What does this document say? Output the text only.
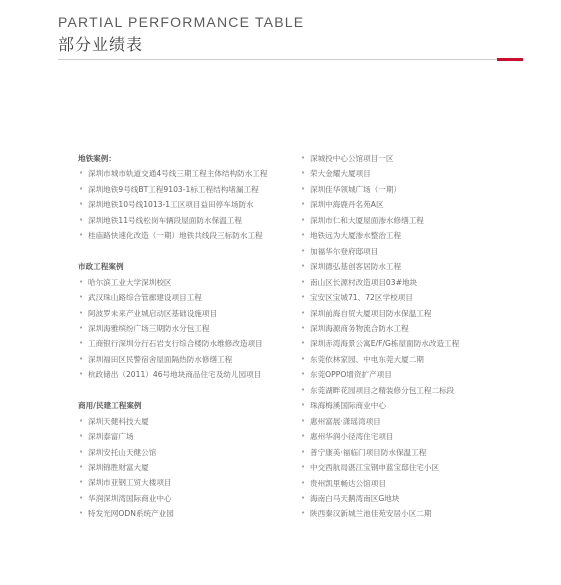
PARTIAL PERFORMANCE TABLE
部分业绩表
地铁案例：
• 深圳市城市轨道交通4号线三期工程主体结构防水工程
• 深圳地铁9号线BT工程9103-1标工程结构堵漏工程
• 深圳地铁10号线1013-1工区项目益田停车场防水
• 深圳地铁11号线松岗车辆段屋面防水保温工程
• 桂庙路快速化改造（一期）地铁共线段三标防水工程
市政工程案例
• 哈尔滨工业大学深圳校区
• 武汉珠山路综合管廊建设项目工程
• 阿波罗未来产业城启动区基础设施项目
• 深圳海雅缤纷广场三期防水分包工程
• 工商银行深圳分行石岩支行综合楼防水维修改造项目
• 深圳福田区民警宿舍屋面隔热防水修缮工程
• 杭政储出（2011）46号地块商品住宅及幼儿园项目
商用/民建工程案例
• 深圳天健科技大厦
• 深圳泰富广场
• 深圳安托山天健公馆
• 深圳锦胜财富大厦
• 深圳市亚钢工贸大楼项目
• 华润深圳湾国际商业中心
• 特发光网ODN系统产业园
• 深城投中心公馆项目一区
• 荣大金耀大厦项目
• 深圳佳华领城广场（一期）
• 深圳中海鹿丹名苑A区
• 深圳市仁和大厦屋面渗水修缮工程
• 地铁远为大厦渗水整治工程
• 加福华尔登府邸项目
• 深圳德弘基创客居防水工程
• 南山区长源村改造项目03#地块
• 宝安区宝城71、72区学校项目
• 深圳前海自贸大厦项目防水保温工程
• 深圳海源商务物流合防水工程
• 深圳赤湾海景公寓E/F/G栋屋面防水改造工程
• 东莞依林家园、中电东莞大厦二期
• 东莞OPPO增资扩产项目
• 东莞湖畔花园项目之精装修分包工程二标段
• 珠海梅溪国际商业中心
• 惠州富展·潇瑶湾项目
• 惠州华润小径湾住宅项目
• 普宁康美·福临门项目防水保温工程
• 中交西航局湛江宝钢申蓝宝邸住宅小区
• 贵州凯里畅达公馆项目
• 海南白马天鹅湾南区G地块
• 陕西秦汉新城兰池佳苑安居小区二期
